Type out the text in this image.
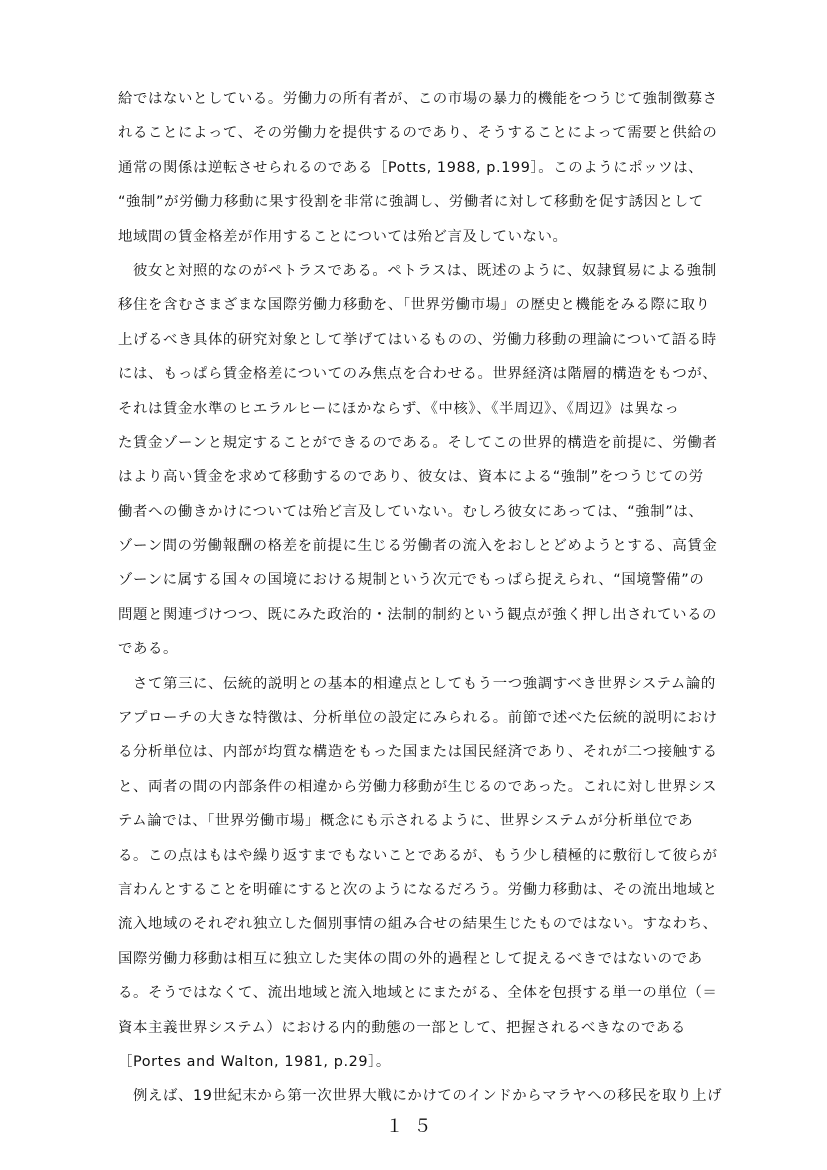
給ではないとしている。労働力の所有者が、この市場の暴力的機能をつうじて強制徴募さ
れることによって、その労働力を提供するのであり、そうすることによって需要と供給の
通常の関係は逆転させられるのである［Potts, 1988, p.199］。このようにポッツは、
“強制”が労働力移動に果す役割を非常に強調し、労働者に対して移動を促す誘因として
地域間の賃金格差が作用することについては殆ど言及していない。
　彼女と対照的なのがペトラスである。ペトラスは、既述のように、奴隷貿易による強制
移住を含むさまざまな国際労働力移動を、「世界労働市場」の歴史と機能をみる際に取り
上げるべき具体的研究対象として挙げてはいるものの、労働力移動の理論について語る時
には、もっぱら賃金格差についてのみ焦点を合わせる。世界経済は階層的構造をもつが、
それは賃金水準のヒエラルヒーにほかならず、《中核》、《半周辺》、《周辺》は異なっ
た賃金ゾーンと規定することができるのである。そしてこの世界的構造を前提に、労働者
はより高い賃金を求めて移動するのであり、彼女は、資本による“強制”をつうじての労
働者への働きかけについては殆ど言及していない。むしろ彼女にあっては、“強制”は、
ゾーン間の労働報酬の格差を前提に生じる労働者の流入をおしとどめようとする、高賃金
ゾーンに属する国々の国境における規制という次元でもっぱら捉えられ、“国境警備”の
問題と関連づけつつ、既にみた政治的・法制的制約という観点が強く押し出されているの
である。
　さて第三に、伝統的説明との基本的相違点としてもう一つ強調すべき世界システム論的
アプローチの大きな特徴は、分析単位の設定にみられる。前節で述べた伝統的説明におけ
る分析単位は、内部が均質な構造をもった国または国民経済であり、それが二つ接触する
と、両者の間の内部条件の相違から労働力移動が生じるのであった。これに対し世界シス
テム論では、「世界労働市場」概念にも示されるように、世界システムが分析単位であ
る。この点はもはや繰り返すまでもないことであるが、もう少し積極的に敷衍して彼らが
言わんとすることを明確にすると次のようになるだろう。労働力移動は、その流出地域と
流入地域のそれぞれ独立した個別事情の組み合せの結果生じたものではない。すなわち、
国際労働力移動は相互に独立した実体の間の外的過程として捉えるべきではないのであ
る。そうではなくて、流出地域と流入地域とにまたがる、全体を包摂する単一の単位（＝
資本主義世界システム）における内的動態の一部として、把握されるべきなのである
［Portes and Walton, 1981, p.29］。
　例えば、19世紀末から第一次世界大戦にかけてのインドからマラヤへの移民を取り上げ
１５
